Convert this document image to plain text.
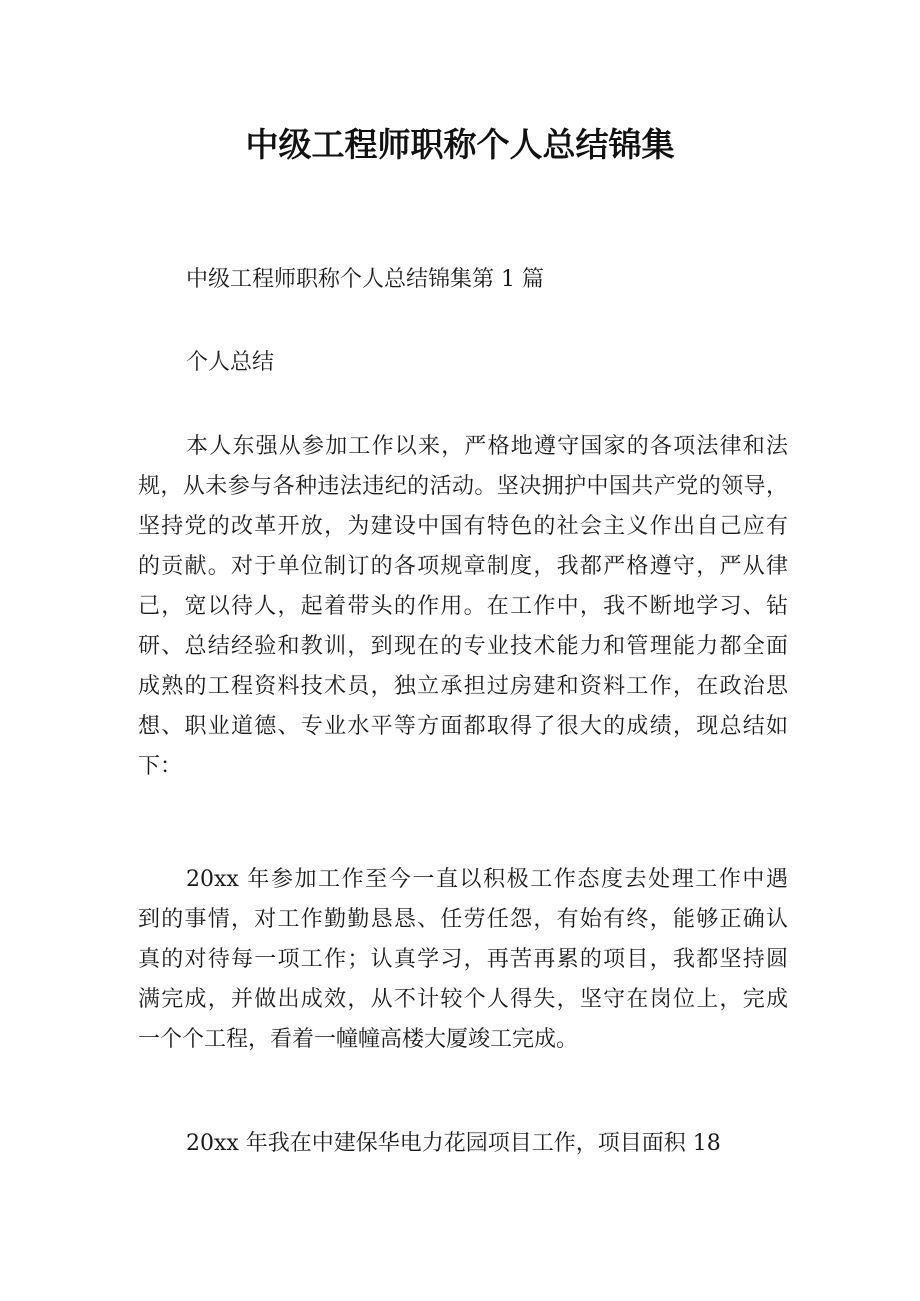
中级工程师职称个人总结锦集
中级工程师职称个人总结锦集第 1 篇
个人总结
本人东强从参加工作以来，严格地遵守国家的各项法律和法
规，从未参与各种违法违纪的活动。坚决拥护中国共产党的领导，
坚持党的改革开放，为建设中国有特色的社会主义作出自己应有
的贡献。对于单位制订的各项规章制度，我都严格遵守，严从律
己，宽以待人，起着带头的作用。在工作中，我不断地学习、钻
研、总结经验和教训，到现在的专业技术能力和管理能力都全面
成熟的工程资料技术员，独立承担过房建和资料工作，在政治思
想、职业道德、专业水平等方面都取得了很大的成绩，现总结如
下：
20xx 年参加工作至今一直以积极工作态度去处理工作中遇
到的事情，对工作勤勤恳恳、任劳任怨，有始有终，能够正确认
真的对待每一项工作；认真学习，再苦再累的项目，我都坚持圆
满完成，并做出成效，从不计较个人得失，坚守在岗位上，完成
一个个工程，看着一幢幢高楼大厦竣工完成。
20xx 年我在中建保华电力花园项目工作，项目面积 18
